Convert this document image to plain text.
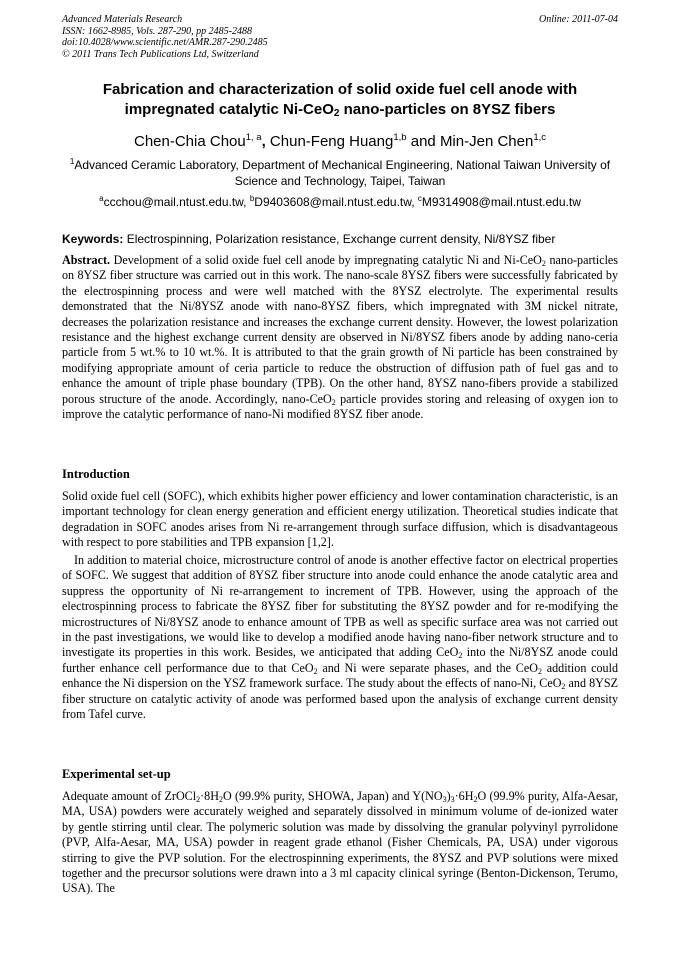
Advanced Materials Research
ISSN: 1662-8985, Vols. 287-290, pp 2485-2488
doi:10.4028/www.scientific.net/AMR.287-290.2485
© 2011 Trans Tech Publications Ltd, Switzerland
Online: 2011-07-04
Fabrication and characterization of solid oxide fuel cell anode with
impregnated catalytic Ni-CeO$_2$ nano-particles on 8YSZ fibers
Chen-Chia Chou$^{1, a}$, Chun-Feng Huang$^{1,b}$ and Min-Jen Chen$^{1,c}$
$^1$Advanced Ceramic Laboratory, Department of Mechanical Engineering, National Taiwan University of Science and Technology, Taipei, Taiwan
$^a$ccchou@mail.ntust.edu.tw, $^b$D9403608@mail.ntust.edu.tw, $^c$M9314908@mail.ntust.edu.tw
Keywords: Electrospinning, Polarization resistance, Exchange current density, Ni/8YSZ fiber
Abstract. Development of a solid oxide fuel cell anode by impregnating catalytic Ni and Ni-CeO$_2$ nano-particles on 8YSZ fiber structure was carried out in this work. The nano-scale 8YSZ fibers were successfully fabricated by the electrospinning process and were well matched with the 8YSZ electrolyte. The experimental results demonstrated that the Ni/8YSZ anode with nano-8YSZ fibers, which impregnated with 3M nickel nitrate, decreases the polarization resistance and increases the exchange current density. However, the lowest polarization resistance and the highest exchange current density are observed in Ni/8YSZ fibers anode by adding nano-ceria particle from 5 wt.% to 10 wt.%. It is attributed to that the grain growth of Ni particle has been constrained by modifying appropriate amount of ceria particle to reduce the obstruction of diffusion path of fuel gas and to enhance the amount of triple phase boundary (TPB). On the other hand, 8YSZ nano-fibers provide a stabilized porous structure of the anode. Accordingly, nano-CeO$_2$ particle provides storing and releasing of oxygen ion to improve the catalytic performance of nano-Ni modified 8YSZ fiber anode.
Introduction
Solid oxide fuel cell (SOFC), which exhibits higher power efficiency and lower contamination characteristic, is an important technology for clean energy generation and efficient energy utilization. Theoretical studies indicate that degradation in SOFC anodes arises from Ni re-arrangement through surface diffusion, which is disadvantageous with respect to pore stabilities and TPB expansion [1,2].
In addition to material choice, microstructure control of anode is another effective factor on electrical properties of SOFC. We suggest that addition of 8YSZ fiber structure into anode could enhance the anode catalytic area and suppress the opportunity of Ni re-arrangement to increment of TPB. However, using the approach of the electrospinning process to fabricate the 8YSZ fiber for substituting the 8YSZ powder and for re-modifying the microstructures of Ni/8YSZ anode to enhance amount of TPB as well as specific surface area was not carried out in the past investigations, we would like to develop a modified anode having nano-fiber network structure and to investigate its properties in this work. Besides, we anticipated that adding CeO$_2$ into the Ni/8YSZ anode could further enhance cell performance due to that CeO$_2$ and Ni were separate phases, and the CeO$_2$ addition could enhance the Ni dispersion on the YSZ framework surface. The study about the effects of nano-Ni, CeO$_2$ and 8YSZ fiber structure on catalytic activity of anode was performed based upon the analysis of exchange current density from Tafel curve.
Experimental set-up
Adequate amount of $ZrOCl_2\cdot 8H_2O$ (99.9% purity, SHOWA, Japan) and $Y(NO_3)_3\cdot 6H_2O$ (99.9% purity, Alfa-Aesar, MA, USA) powders were accurately weighed and separately dissolved in minimum volume of de-ionized water by gentle stirring until clear. The polymeric solution was made by dissolving the granular polyvinyl pyrrolidone (PVP, Alfa-Aesar, MA, USA) powder in reagent grade ethanol (Fisher Chemicals, PA, USA) under vigorous stirring to give the PVP solution. For the electrospinning experiments, the 8YSZ and PVP solutions were mixed together and the precursor solutions were drawn into a 3 ml capacity clinical syringe (Benton-Dickenson, Terumo, USA). The
